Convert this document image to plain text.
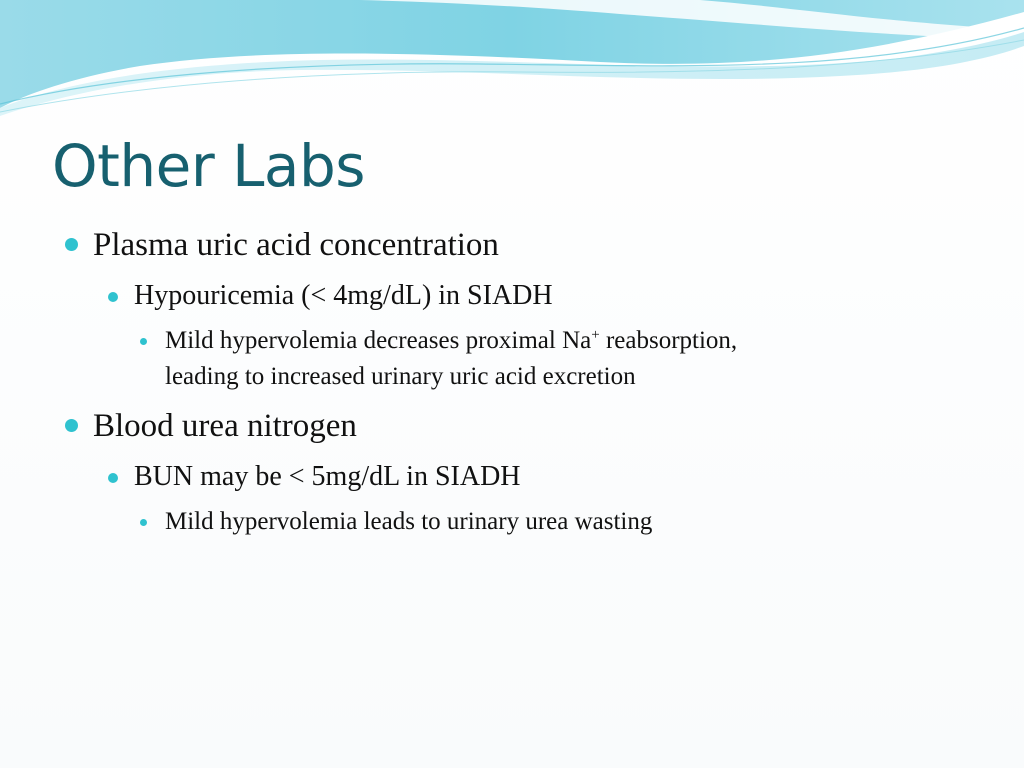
Other Labs
Plasma uric acid concentration
Hypouricemia (< 4mg/dL) in SIADH
Mild hypervolemia decreases proximal Na+ reabsorption,
leading to increased urinary uric acid excretion
Blood urea nitrogen
BUN may be < 5mg/dL in SIADH
Mild hypervolemia leads to urinary urea wasting
